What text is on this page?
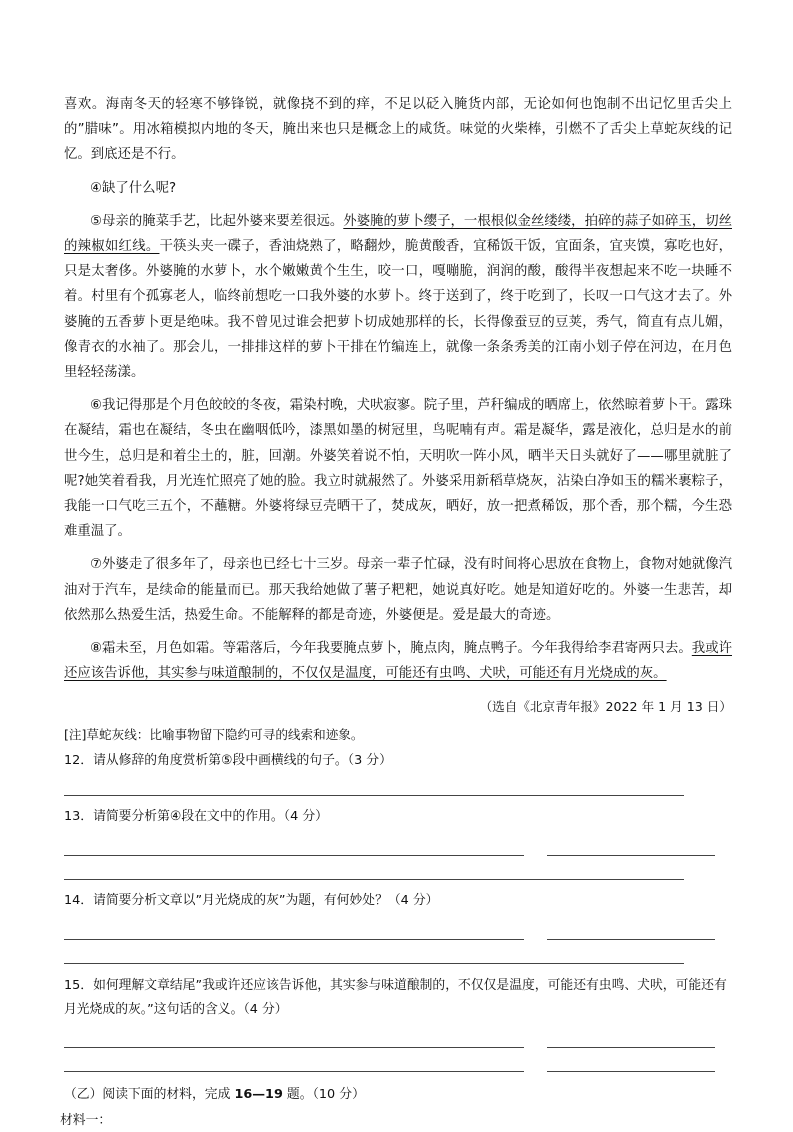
喜欢。海南冬天的轻寒不够锋锐，就像挠不到的痒，不足以砭入腌货内部，无论如何也饱制不出记忆里舌尖上的”腊味”。用冰箱模拟内地的冬天，腌出来也只是概念上的咸货。味觉的火柴棒，引燃不了舌尖上草蛇灰线的记忆。到底还是不行。

④缺了什么呢?

⑤母亲的腌菜手艺，比起外婆来要差很远。外婆腌的萝卜缨子，一根根似金丝缕缕，拍碎的蒜子如碎玉，切丝的辣椒如红线。干筷头夹一碟子，香油烧熟了，略翻炒，脆黄酸香，宜稀饭干饭，宜面条，宜夹馍，寡吃也好，只是太奢侈。外婆腌的水萝卜，水个嫩嫩黄个生生，咬一口，嘎嘣脆，润润的酸，酸得半夜想起来不吃一块睡不着。村里有个孤寡老人，临终前想吃一口我外婆的水萝卜。终于送到了，终于吃到了，长叹一口气这才去了。外婆腌的五香萝卜更是绝味。我不曾见过谁会把萝卜切成她那样的长，长得像蚕豆的豆荚，秀气，简直有点儿媚，像青衣的水袖了。那会儿，一排排这样的萝卜干排在竹编连上，就像一条条秀美的江南小划子停在河边，在月色里轻轻荡漾。

⑥我记得那是个月色皎皎的冬夜，霜染村晚，犬吠寂寥。院子里，芦秆编成的晒席上，依然晾着萝卜干。露珠在凝结，霜也在凝结，冬虫在幽咽低吟，漆黑如墨的树冠里，鸟呢喃有声。霜是凝华，露是液化，总归是水的前世今生，总归是和着尘土的，脏，回潮。外婆笑着说不怕，天明吹一阵小风，晒半天日头就好了——哪里就脏了呢?她笑着看我，月光连忙照亮了她的脸。我立时就赧然了。外婆采用新稻草烧灰，沾染白净如玉的糯米裹粽子，我能一口气吃三五个，不蘸糖。外婆将绿豆壳晒干了，焚成灰，晒好，放一把煮稀饭，那个香，那个糯，今生恐难重温了。

⑦外婆走了很多年了，母亲也已经七十三岁。母亲一辈子忙碌，没有时间将心思放在食物上，食物对她就像汽油对于汽车，是续命的能量而已。那天我给她做了薯子粑粑，她说真好吃。她是知道好吃的。外婆一生悲苦，却依然那么热爱生活，热爱生命。不能解释的都是奇迹，外婆便是。爱是最大的奇迹。

⑧霜未至，月色如霜。等霜落后，今年我要腌点萝卜，腌点肉，腌点鸭子。今年我得给李君寄两只去。我或许还应该告诉他，其实参与味道酿制的，不仅仅是温度，可能还有虫鸣、犬吠，可能还有月光烧成的灰。

（选自《北京青年报》2022 年 1 月 13 日）

[注]草蛇灰线：比喻事物留下隐约可寻的线索和迹象。

12．请从修辞的角度赏析第⑤段中画横线的句子。（3 分）

13．请简要分析第④段在文中的作用。（4 分）

14．请简要分析文章以”月光烧成的灰”为题，有何妙处？（4 分）

15．如何理解文章结尾”我或许还应该告诉他，其实参与味道酿制的，不仅仅是温度，可能还有虫鸣、犬吠，可能还有月光烧成的灰。”这句话的含义。（4 分）

（乙）阅读下面的材料，完成 16—19 题。（10 分）

材料一：
